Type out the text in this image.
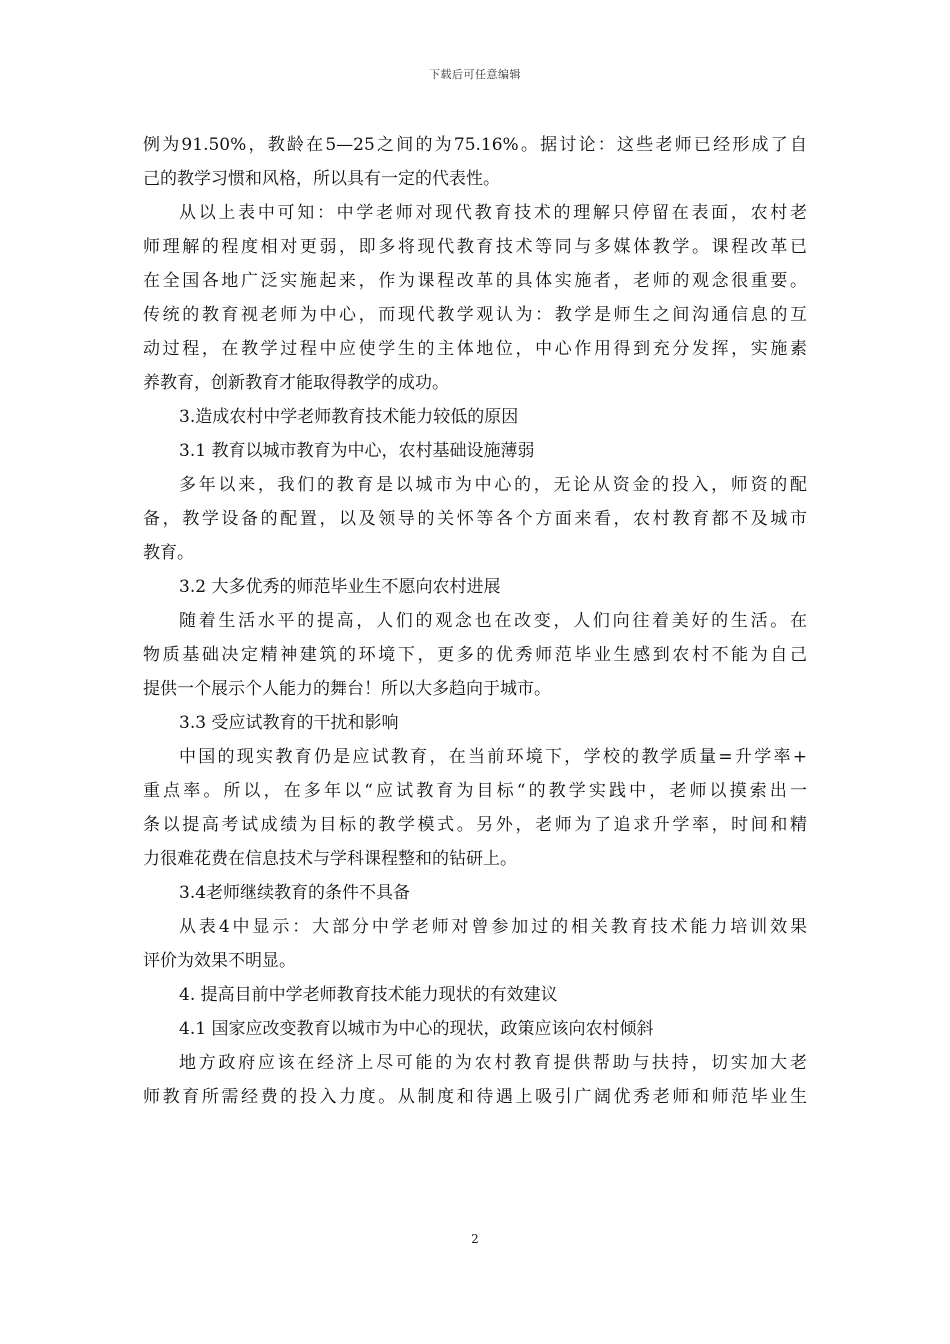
下载后可任意编辑
例为91.50%，教龄在5—25之间的为75.16%。据讨论：这些老师已经形成了自
己的教学习惯和风格，所以具有一定的代表性。
从以上表中可知：中学老师对现代教育技术的理解只停留在表面，农村老
师理解的程度相对更弱，即多将现代教育技术等同与多媒体教学。课程改革已
在全国各地广泛实施起来，作为课程改革的具体实施者，老师的观念很重要。
传统的教育视老师为中心，而现代教学观认为：教学是师生之间沟通信息的互
动过程，在教学过程中应使学生的主体地位，中心作用得到充分发挥，实施素
养教育，创新教育才能取得教学的成功。
3.造成农村中学老师教育技术能力较低的原因
3.1 教育以城市教育为中心，农村基础设施薄弱
多年以来，我们的教育是以城市为中心的，无论从资金的投入，师资的配
备，教学设备的配置，以及领导的关怀等各个方面来看，农村教育都不及城市
教育。
3.2 大多优秀的师范毕业生不愿向农村进展
随着生活水平的提高，人们的观念也在改变，人们向往着美好的生活。在
物质基础决定精神建筑的环境下，更多的优秀师范毕业生感到农村不能为自己
提供一个展示个人能力的舞台！所以大多趋向于城市。
3.3 受应试教育的干扰和影响
中国的现实教育仍是应试教育，在当前环境下，学校的教学质量=升学率+
重点率。所以，在多年以“应试教育为目标“的教学实践中，老师以摸索出一
条以提高考试成绩为目标的教学模式。另外，老师为了追求升学率，时间和精
力很难花费在信息技术与学科课程整和的钻研上。
3.4老师继续教育的条件不具备
从表4中显示：大部分中学老师对曾参加过的相关教育技术能力培训效果
评价为效果不明显。
4. 提高目前中学老师教育技术能力现状的有效建议
4.1 国家应改变教育以城市为中心的现状，政策应该向农村倾斜
地方政府应该在经济上尽可能的为农村教育提供帮助与扶持，切实加大老
师教育所需经费的投入力度。从制度和待遇上吸引广阔优秀老师和师范毕业生
2
